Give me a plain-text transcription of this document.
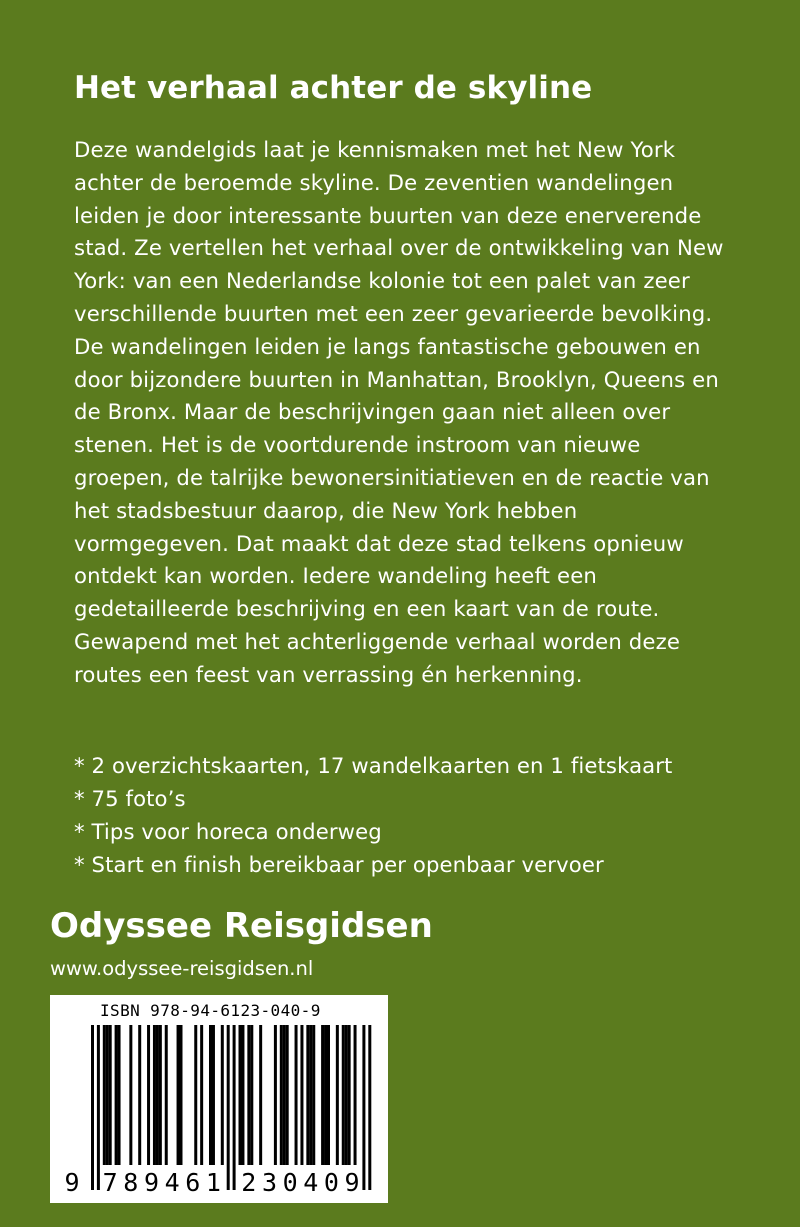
Het verhaal achter de skyline

Deze wandelgids laat je kennismaken met het New York achter de beroemde skyline. De zeventien wandelingen leiden je door interessante buurten van deze enerverende stad. Ze vertellen het verhaal over de ontwikkeling van New York: van een Nederlandse kolonie tot een palet van zeer verschillende buurten met een zeer gevarieerde bevolking.

De wandelingen leiden je langs fantastische gebouwen en door bijzondere buurten in Manhattan, Brooklyn, Queens en de Bronx. Maar de beschrijvingen gaan niet alleen over stenen. Het is de voortdurende instroom van nieuwe groepen, de talrijke bewonersinitiatieven en de reactie van het stadsbestuur daarop, die New York hebben vormgegeven. Dat maakt dat deze stad telkens opnieuw ontdekt kan worden. Iedere wandeling heeft een gedetailleerde beschrijving en een kaart van de route. Gewapend met het achterliggende verhaal worden deze routes een feest van verrassing én herkenning.

* 2 overzichtskaarten, 17 wandelkaarten en 1 fietskaart
* 75 foto’s
* Tips voor horeca onderweg
* Start en finish bereikbaar per openbaar vervoer
Odyssee Reisgidsen
www.odyssee-reisgidsen.nl
9 7 8 9 4 6 1 2 3 0 4 0 9
ISBN 978-94-6123-040-9
